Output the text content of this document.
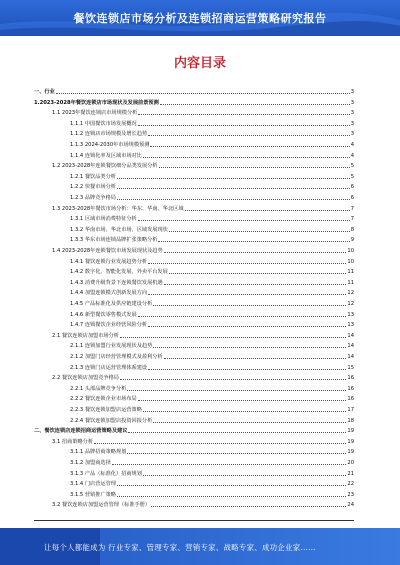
餐饮连锁店市场分析及连锁招商运营策略研究报告
内容目录
一、行业	3
1.2023-2028年餐饮连锁店市场现状及发展前景预测	3
1.1 2023年餐饮连锁店市场规模分析	3
1.1.1 中国餐饮市场发展概况	3
1.1.2 连锁店市场规模及增长趋势	3
1.1.3 2024-2030年市场规模预测	4
1.1.4 连锁化率及区域市场对比	4
1.2 2023-2028年连锁餐饮细分品类发展分析	5
1.2.1 餐饮品类分析	5
1.2.2 快餐市场分析	6
1.2.3 品牌竞争格局	6
1.3 2023-2028年餐饮市场分析：华东、华南、华北区域	7
1.3.1 区域市场消费特征分析	7
1.3.2 华南市场、华北市场、区域发展现状	8
1.3.3 华东市场连锁品牌扩张策略分析	9
1.4 2023-2028年连锁餐饮市场发展现状及趋势	10
1.4.1 餐饮连锁行业发展趋势分析	10
1.4.2 数字化、智能化发展、外卖平台发展	11
1.4.3 消费升级背景下连锁餐饮发展机遇	11
1.4.4 加盟连锁模式创新发展方向	12
1.4.5 产品标准化及供应链建设分析	12
1.4.6 新型餐饮零售模式发展	13
1.4.7 连锁餐饮企业经营风险分析	13
2.1 餐饮连锁店加盟市场分析	14
2.1.1 连锁加盟行业发展现状及趋势	14
2.1.2 加盟门店经营管理模式及盈利分析	14
2.1.3 连锁门店运营管理体系建设	15
2.2 餐饮连锁店加盟竞争格局	16
2.2.1 头部品牌竞争分析	16
2.2.2 餐饮连锁企业市场布局	16
2.2.3 餐饮连锁加盟店运营策略	17
2.2.4 餐饮连锁加盟店投资回报分析	18
二、餐饮连锁店连锁招商运营策略及建议	19
3.1 招商策略分析	19
3.1.1 品牌招商策略规划	19
3.1.2 加盟商选择	20
3.1.3 产品（标准化）招商规划	21
3.1.4 门店营运管理	22
3.1.5 营销推广策略	23
3.2 餐饮连锁店加盟运营管理（标准手册）	24
让每个人都能成为 行业专家、管理专家、营销专家、战略专家、成功企业家……
